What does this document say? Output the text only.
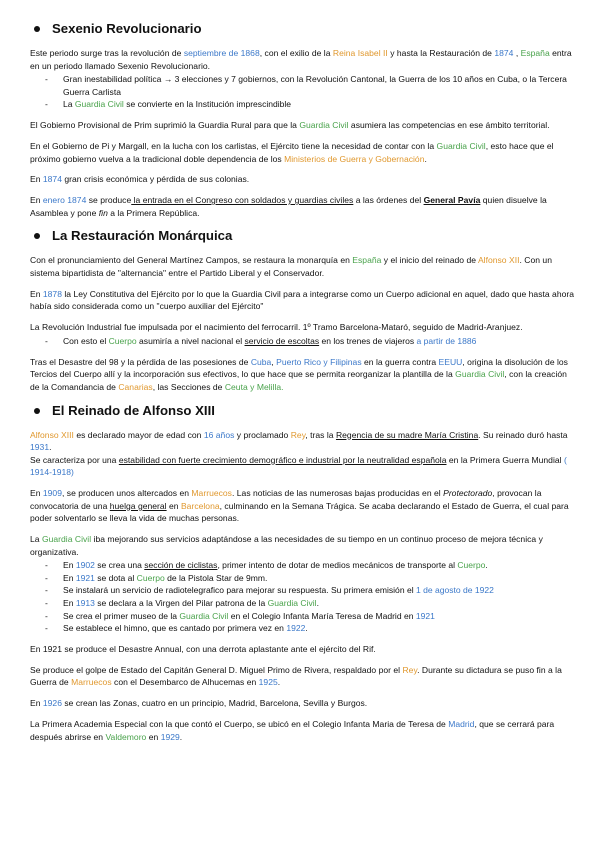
Sexenio Revolucionario

Este periodo surge tras la revolución de septiembre de 1868, con el exilio de la Reina Isabel II y hasta la Restauración de 1874 , España entra en un periodo llamado Sexenio Revolucionario.

- Gran inestabilidad política → 3 elecciones y 7 gobiernos, con la Revolución Cantonal, la Guerra de los 10 años en Cuba, o la Tercera Guerra Carlista
- La Guardia Civil se convierte en la Institución imprescindible

El Gobierno Provisional de Prim suprimió la Guardia Rural para que la Guardia Civil asumiera las competencias en ese ámbito territorial.

En el Gobierno de Pi y Margall, en la lucha con los carlistas, el Ejército tiene la necesidad de contar con la Guardia Civil, esto hace que el próximo gobierno vuelva a la tradicional doble dependencia de los Ministerios de Guerra y Gobernación.

En 1874 gran crisis económica y pérdida de sus colonias.

En enero 1874 se produce la entrada en el Congreso con soldados y guardias civiles a las órdenes del General Pavía quien disuelve la Asamblea y pone fin a la Primera República.

La Restauración Monárquica

Con el pronunciamiento del General Martínez Campos, se restaura la monarquía en España y el inicio del reinado de Alfonso XII. Con un sistema bipartidista de "alternancia" entre el Partido Liberal y el Conservador.

En 1878 la Ley Constitutiva del Ejército por lo que la Guardia Civil para a integrarse como un Cuerpo adicional en aquel, dado que hasta ahora había sido considerada como un "cuerpo auxiliar del Ejército"

La Revolución Industrial fue impulsada por el nacimiento del ferrocarril. 1º Tramo Barcelona-Mataró, seguido de Madrid-Aranjuez.

- Con esto el Cuerpo asumiría a nivel nacional el servicio de escoltas en los trenes de viajeros a partir de 1886

Tras el Desastre del 98 y la pérdida de las posesiones de Cuba, Puerto Rico y Filipinas en la guerra contra EEUU, origina la disolución de los Tercios del Cuerpo allí y la incorporación sus efectivos, lo que hace que se permita reorganizar la plantilla de la Guardia Civil, con la creación de la Comandancia de Canarias, las Secciones de Ceuta y Melilla.

El Reinado de Alfonso XIII

Alfonso XIII es declarado mayor de edad con 16 años y proclamado Rey, tras la Regencia de su madre María Cristina. Su reinado duró hasta 1931.

Se caracteriza por una estabilidad con fuerte crecimiento demográfico e industrial por la neutralidad española en la Primera Guerra Mundial ( 1914-1918)

En 1909, se producen unos altercados en Marruecos. Las noticias de las numerosas bajas producidas en el Protectorado, provocan la convocatoria de una huelga general en Barcelona, culminando en la Semana Trágica. Se acaba declarando el Estado de Guerra, el cual para poder solventarlo se lleva la vida de muchas personas.

La Guardia Civil iba mejorando sus servicios adaptándose a las necesidades de su tiempo en un continuo proceso de mejora técnica y organizativa.

- En 1902 se crea una sección de ciclistas, primer intento de dotar de medios mecánicos de transporte al Cuerpo.
- En 1921 se dota al Cuerpo de la Pistola Star de 9mm.
- Se instalará un servicio de radiotelegrafico para mejorar su respuesta. Su primera emisión el 1 de agosto de 1922
- En 1913 se declara a la Virgen del Pilar patrona de la Guardia Civil.
- Se crea el primer museo de la Guardia Civil en el Colegio Infanta María Teresa de Madrid en 1921
- Se establece el himno, que es cantado por primera vez en 1922.

En 1921 se produce el Desastre Annual, con una derrota aplastante ante el ejército del Rif.

Se produce el golpe de Estado del Capitán General D. Miguel Primo de Rivera, respaldado por el Rey. Durante su dictadura se puso fin a la Guerra de Marruecos con el Desembarco de Alhucemas en 1925.

En 1926 se crean las Zonas, cuatro en un principio, Madrid, Barcelona, Sevilla y Burgos.

La Primera Academia Especial con la que contó el Cuerpo, se ubicó en el Colegio Infanta Maria de Teresa de Madrid, que se cerrará para después abrirse en Valdemoro en 1929.
